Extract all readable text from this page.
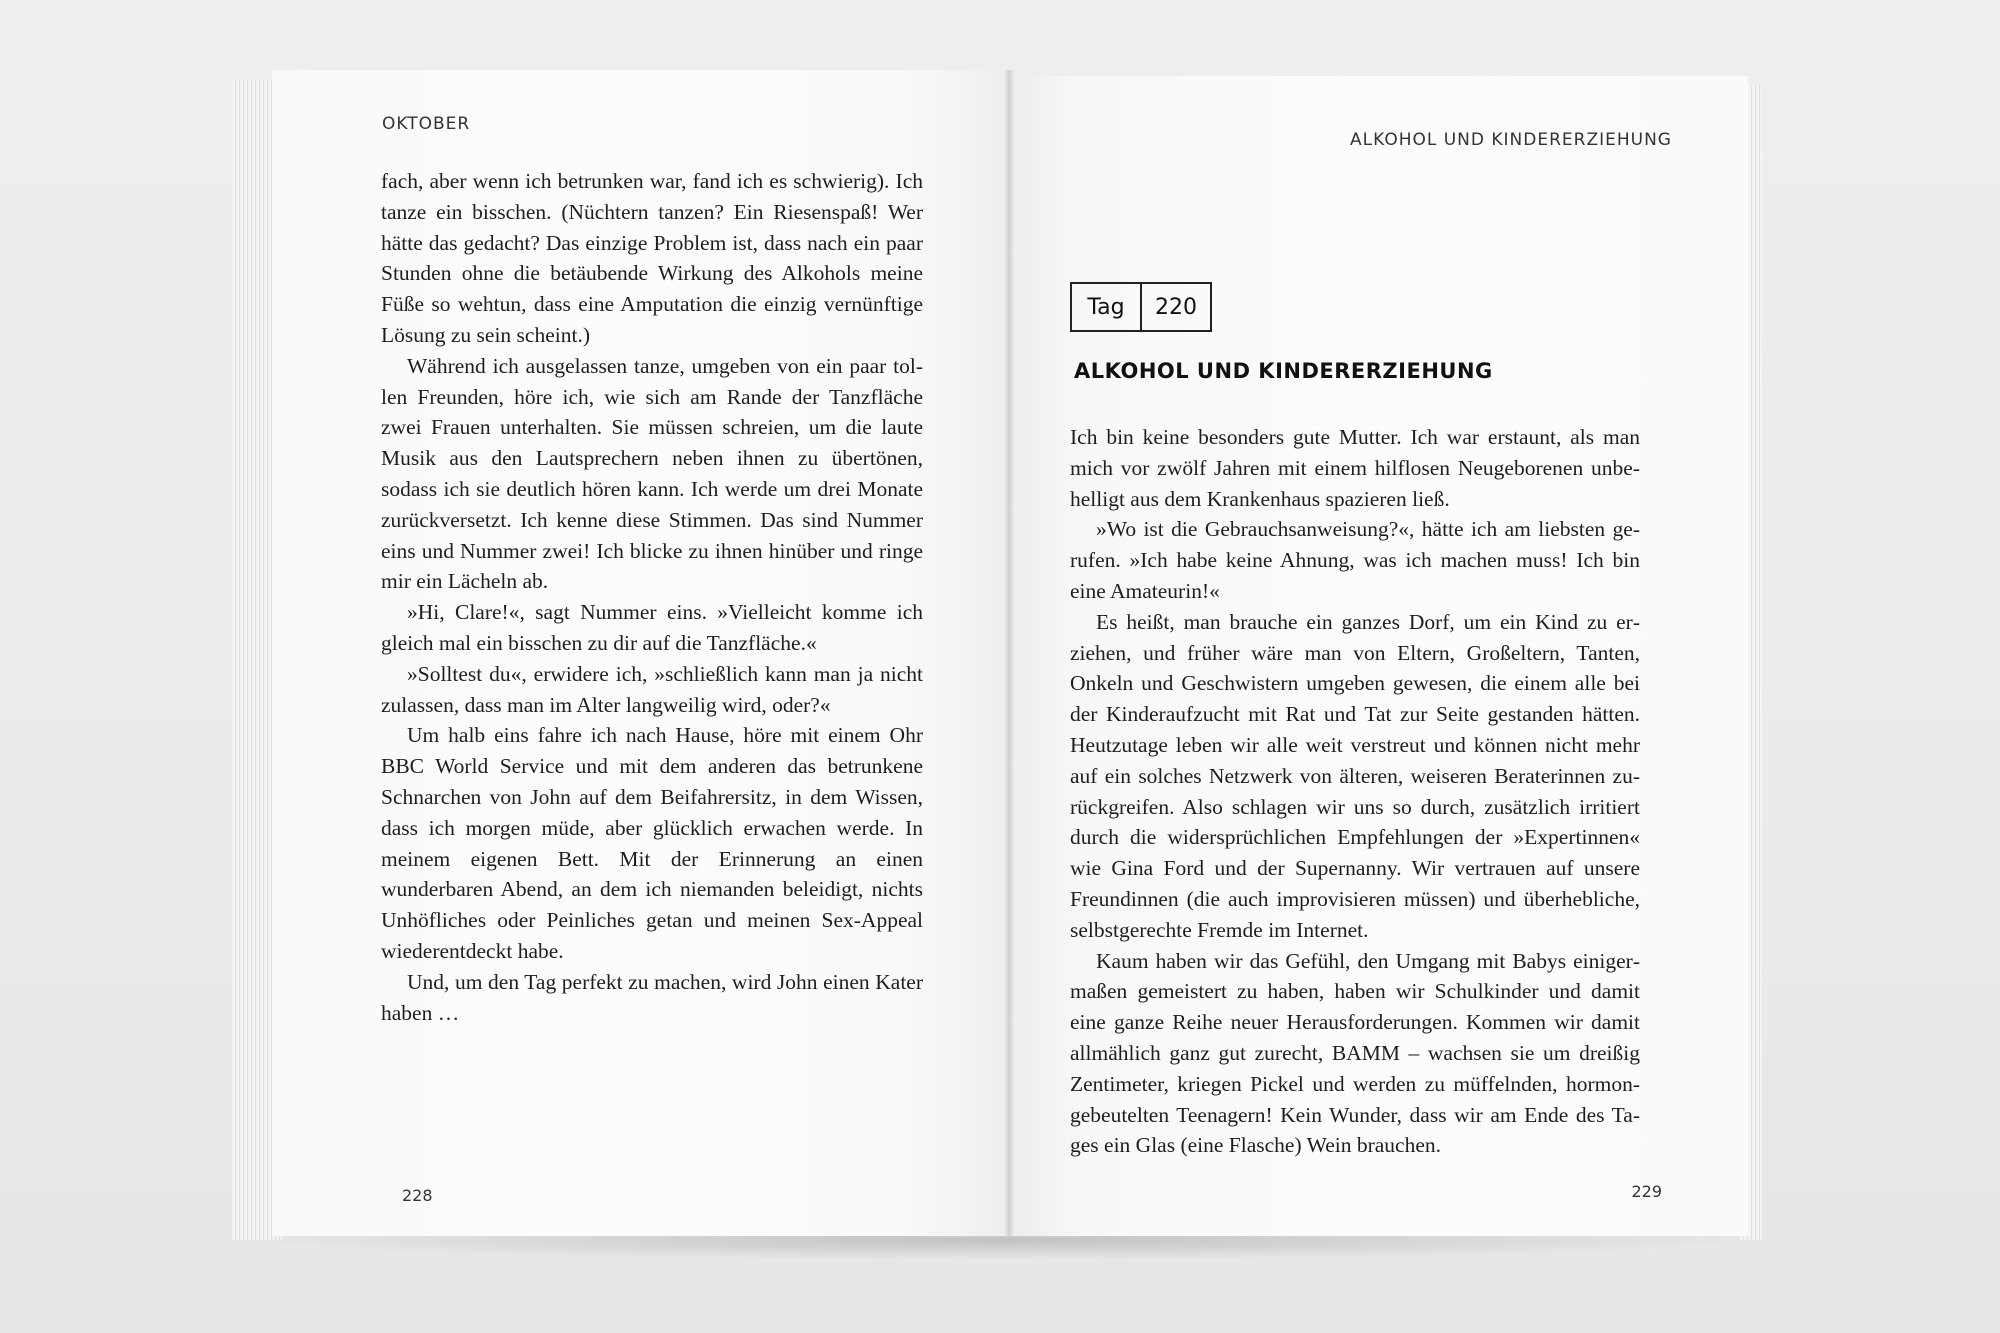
OKTOBER

fach, aber wenn ich betrunken war, fand ich es schwierig). Ich tanze ein bisschen. (Nüchtern tanzen? Ein Riesenspaß! Wer hätte das gedacht? Das einzige Problem ist, dass nach ein paar Stunden ohne die betäubende Wirkung des Alkohols meine Füße so wehtun, dass eine Amputation die einzig vernünftige Lösung zu sein scheint.)

Während ich ausgelassen tanze, umgeben von ein paar tollen Freunden, höre ich, wie sich am Rande der Tanzfläche zwei Frauen unterhalten. Sie müssen schreien, um die laute Musik aus den Lautsprechern neben ihnen zu übertönen, sodass ich sie deutlich hören kann. Ich werde um drei Monate zurückversetzt. Ich kenne diese Stimmen. Das sind Nummer eins und Nummer zwei! Ich blicke zu ihnen hinüber und ringe mir ein Lächeln ab.

»Hi, Clare!«, sagt Nummer eins. »Vielleicht komme ich gleich mal ein bisschen zu dir auf die Tanzfläche.«

»Solltest du«, erwidere ich, »schließlich kann man ja nicht zulassen, dass man im Alter langweilig wird, oder?«

Um halb eins fahre ich nach Hause, höre mit einem Ohr BBC World Service und mit dem anderen das betrunkene Schnarchen von John auf dem Beifahrersitz, in dem Wissen, dass ich morgen müde, aber glücklich erwachen werde. In meinem eigenen Bett. Mit der Erinnerung an einen wunderbaren Abend, an dem ich niemanden beleidigt, nichts Unhöfliches oder Peinliches getan und meinen Sex-Appeal wiederentdeckt habe.

Und, um den Tag perfekt zu machen, wird John einen Kater haben …

228
ALKOHOL UND KINDERERZIEHUNG
Tag	220
ALKOHOL UND KINDERERZIEHUNG

Ich bin keine besonders gute Mutter. Ich war erstaunt, als man mich vor zwölf Jahren mit einem hilflosen Neugeborenen unbehelligt aus dem Krankenhaus spazieren ließ.

»Wo ist die Gebrauchsanweisung?«, hätte ich am liebsten gerufen. »Ich habe keine Ahnung, was ich machen muss! Ich bin eine Amateurin!«

Es heißt, man brauche ein ganzes Dorf, um ein Kind zu erziehen, und früher wäre man von Eltern, Großeltern, Tanten, Onkeln und Geschwistern umgeben gewesen, die einem alle bei der Kinderaufzucht mit Rat und Tat zur Seite gestanden hätten. Heutzutage leben wir alle weit verstreut und können nicht mehr auf ein solches Netzwerk von älteren, weiseren Beraterinnen zurückgreifen. Also schlagen wir uns so durch, zusätzlich irritiert durch die widersprüchlichen Empfehlungen der »Expertinnen« wie Gina Ford und der Supernanny. Wir vertrauen auf unsere Freundinnen (die auch improvisieren müssen) und überhebliche, selbstgerechte Fremde im Internet.

Kaum haben wir das Gefühl, den Umgang mit Babys einigermaßen gemeistert zu haben, haben wir Schulkinder und damit eine ganze Reihe neuer Herausforderungen. Kommen wir damit allmählich ganz gut zurecht, BAMM – wachsen sie um dreißig Zentimeter, kriegen Pickel und werden zu müffelnden, hormongebeutelten Teenagern! Kein Wunder, dass wir am Ende des Tages ein Glas (eine Flasche) Wein brauchen.

229
